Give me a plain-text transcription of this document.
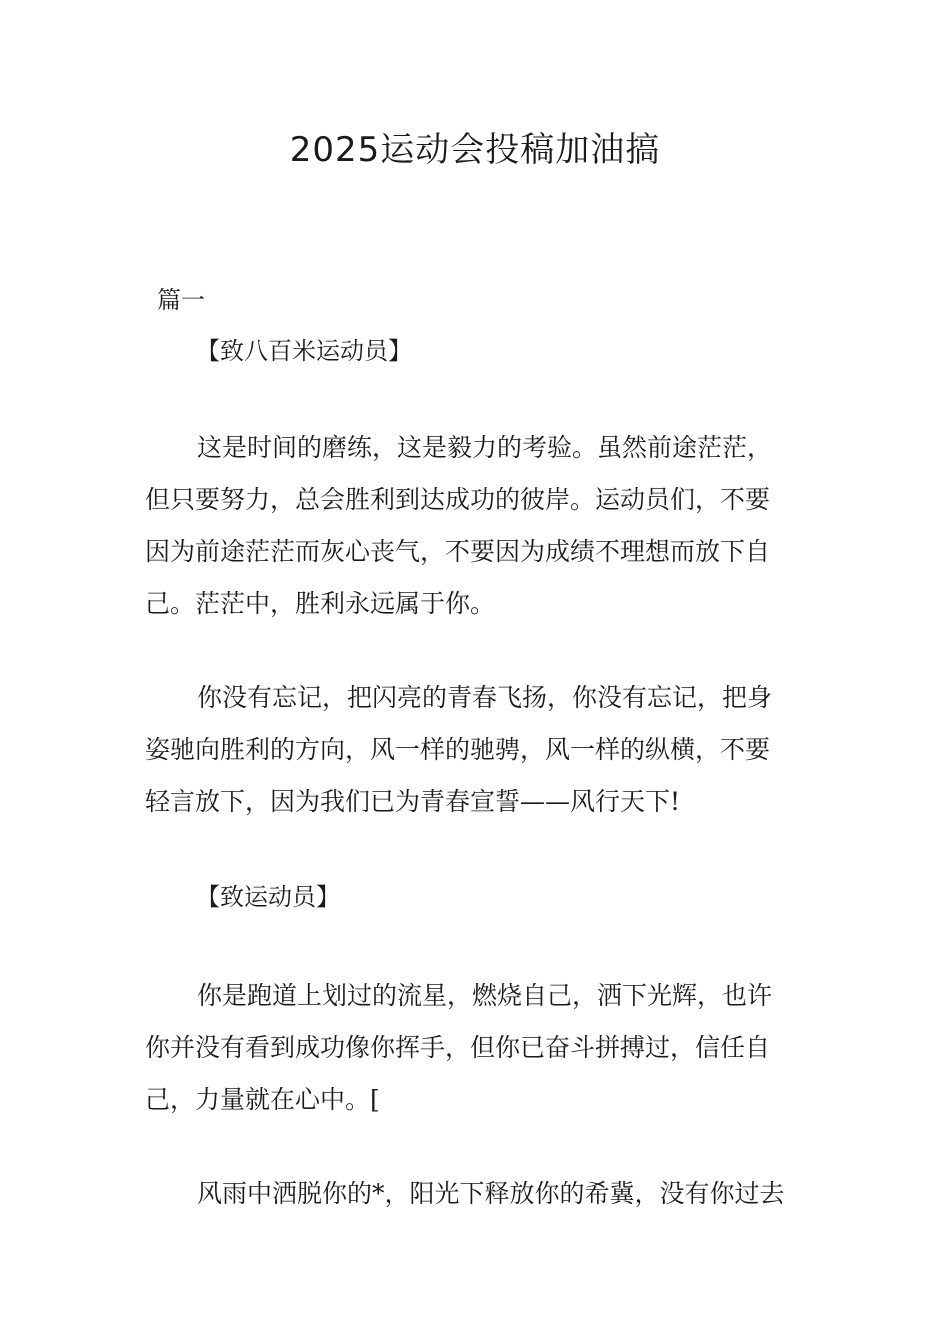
2025运动会投稿加油搞
篇一
【致八百米运动员】
这是时间的磨练，这是毅力的考验。虽然前途茫茫，
但只要努力，总会胜利到达成功的彼岸。运动员们，不要
因为前途茫茫而灰心丧气，不要因为成绩不理想而放下自
己。茫茫中，胜利永远属于你。
你没有忘记，把闪亮的青春飞扬，你没有忘记，把身
姿驰向胜利的方向，风一样的驰骋，风一样的纵横，不要
轻言放下，因为我们已为青春宣誓——风行天下!
【致运动员】
你是跑道上划过的流星，燃烧自己，洒下光辉，也许
你并没有看到成功像你挥手，但你已奋斗拼搏过，信任自
己，力量就在心中。[
风雨中洒脱你的*，阳光下释放你的希冀，没有你过去
